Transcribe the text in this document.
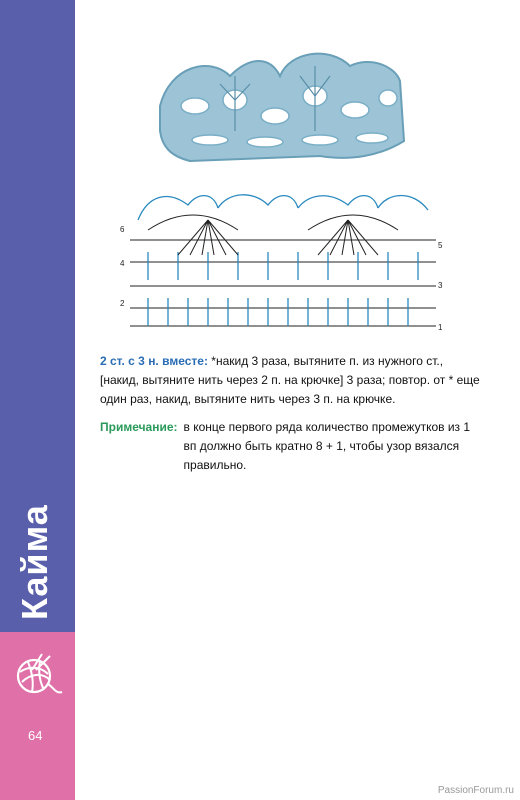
Кайма
64
6
4
2
5
3
1
2 ст. с 3 н. вместе: *накид 3 раза, вытяните п. из нужного ст., [накид, вытяните нить через 2 п. на крючке] 3 раза; повтор. от * еще один раз, накид, вытяните нить через 3 п. на крючке.
Примечание: в конце первого ряда количество промежутков из 1 вп должно быть кратно 8 + 1, чтобы узор вязался правильно.
PassionForum.ru
